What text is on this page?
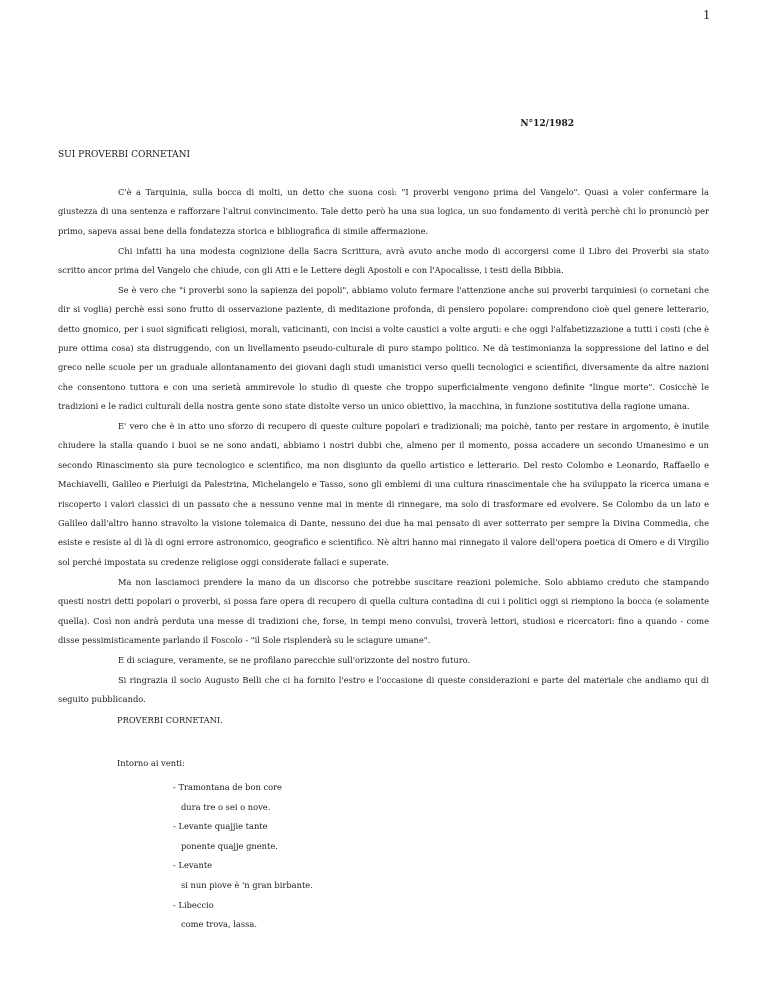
1
N°12/1982
SUI PROVERBI CORNETANI

C'è a Tarquinia, sulla bocca di molti, un detto che suona così: "I proverbi vengono prima del Vangelo". Quasi a voler confermare la giustezza di una sentenza e rafforzare l'altrui convincimento. Tale detto però ha una sua logica, un suo fondamento di verità perchè chi lo pronunciò per primo, sapeva assai bene della fondatezza storica e bibliografica di simile affermazione.

Chi infatti ha una modesta cognizione della Sacra Scrittura, avrà avuto anche modo di accorgersi come il Libro dei Proverbi sia stato scritto ancor prima del Vangelo che chiude, con gli Atti e le Lettere degli Apostoli e con l'Apocalisse, i testi della Bibbia.

Se è vero che "i proverbi sono la sapienza dei popoli", abbiamo voluto fermare l'attenzione anche sui proverbi tarquiniesi (o cornetani che dir si voglia) perchè essi sono frutto di osservazione paziente, di meditazione profonda, di pensiero popolare: comprendono cioè quel genere letterario, detto gnomico, per i suoi significati religiosi, morali, vaticinanti, con incisi a volte caustici a volte arguti: e che oggi l'alfabetizzazione a tutti i costi (che è pure ottima cosa) sta distruggendo, con un livellamento pseudo-culturale di puro stampo politico. Ne dà testimonianza la soppressione del latino e del greco nelle scuole per un graduale allontanamento dei giovani dagli studi umanistici verso quelli tecnologici e scientifici, diversamente da altre nazioni che consentono tuttora e con una serietà ammirevole lo studio di queste che troppo superficialmente vengono definite "lingue morte". Cosicchè le tradizioni e le radici culturali della nostra gente sono state distolte verso un unico obiettivo, la macchina, in funzione sostitutiva della ragione umana.

E' vero che è in atto uno sforzo di recupero di queste culture popolari e tradizionali; ma poichè, tanto per restare in argomento, è inutile chiudere la stalla quando i buoi se ne sono andati, abbiamo i nostri dubbi che, almeno per il momento, possa accadere un secondo Umanesimo e un secondo Rinascimento sia pure tecnologico e scientifico, ma non disgiunto da quello artistico e letterario. Del resto Colombo e Leonardo, Raffaello e Machiavelli, Galileo e Pierluigi da Palestrina, Michelangelo e Tasso, sono gli emblemi di una cultura rinascimentale che ha sviluppato la ricerca umana e riscoperto i valori classici di un passato che a nessuno venne mai in mente di rinnegare, ma solo di trasformare ed evolvere. Se Colombo da un lato e Galileo dall'altro hanno stravolto la visione tolemaica di Dante, nessuno dei due ha mai pensato di aver sotterrato per sempre la Divina Commedia, che esiste e resiste al di là di ogni errore astronomico, geografico e scientifico. Nè altri hanno mai rinnegato il valore dell'opera poetica di Omero e di Virgilio sol perché impostata su credenze religiose oggi considerate fallaci e superate.

Ma non lasciamoci prendere la mano da un discorso che potrebbe suscitare reazioni polemiche. Solo abbiamo creduto che stampando questi nostri detti popolari o proverbi, si possa fare opera di recupero di quella cultura contadina di cui i politici oggi si riempiono la bocca (e solamente quella). Così non andrà perduta una messe di tradizioni che, forse, in tempi meno convulsi, troverà lettori, studiosi e ricercatori: fino a quando - come disse pessimisticamente parlando il Foscolo - "il Sole risplenderà su le sciagure umane".

E di sciagure, veramente, se ne profilano parecchie sull'orizzonte del nostro futuro.

Si ringrazia il socio Augusto Belli che ci ha fornito l'estro e l'occasione di queste considerazioni e parte del materiale che andiamo qui di seguito pubblicando.

PROVERBI CORNETANI.
Intorno ai venti:
- Tramontana de bon core
dura tre o sei o nove.
- Levante quajjie tante
ponente quajje gnente.
- Levante
si nun piove è 'n gran birbante.
- Libeccio
come trova, lassa.
